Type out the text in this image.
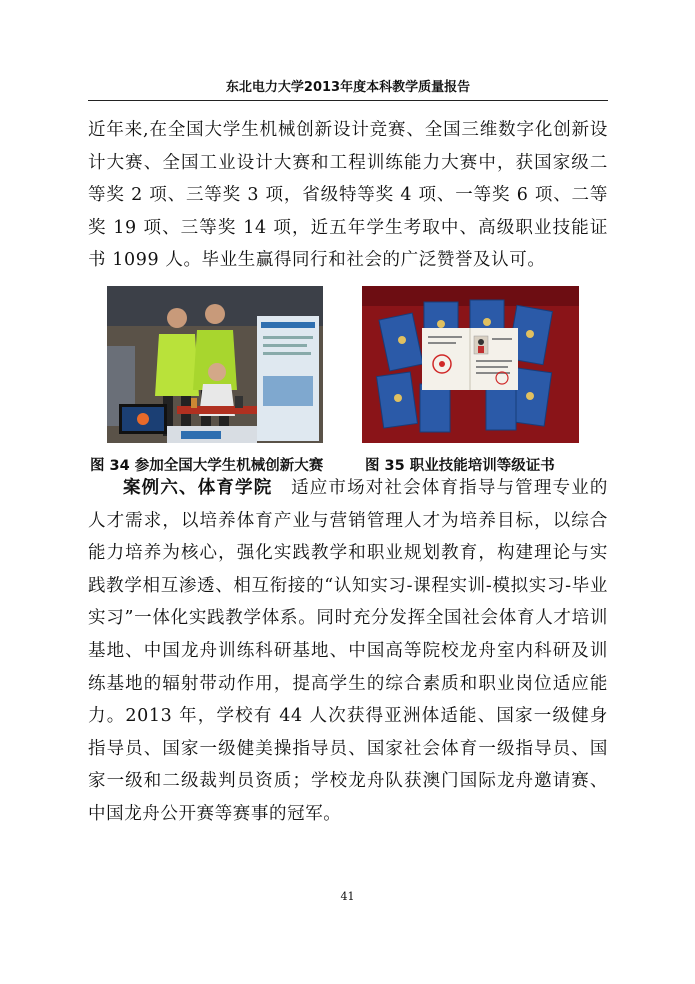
东北电力大学2013年度本科教学质量报告

近年来,在全国大学生机械创新设计竞赛、全国三维数字化创新设计大赛、全国工业设计大赛和工程训练能力大赛中，获国家级二等奖 2 项、三等奖 3 项，省级特等奖 4 项、一等奖 6 项、二等奖 19 项、三等奖 14 项，近五年学生考取中、高级职业技能证书 1099 人。毕业生赢得同行和社会的广泛赞誉及认可。

图 34 参加全国大学生机械创新大赛	图 35 职业技能培训等级证书

案例六、体育学院　适应市场对社会体育指导与管理专业的人才需求，以培养体育产业与营销管理人才为培养目标，以综合能力培养为核心，强化实践教学和职业规划教育，构建理论与实践教学相互渗透、相互衔接的“认知实习-课程实训-模拟实习-毕业实习”一体化实践教学体系。同时充分发挥全国社会体育人才培训基地、中国龙舟训练科研基地、中国高等院校龙舟室内科研及训练基地的辐射带动作用，提高学生的综合素质和职业岗位适应能力。2013 年，学校有 44 人次获得亚洲体适能、国家一级健身指导员、国家一级健美操指导员、国家社会体育一级指导员、国家一级和二级裁判员资质；学校龙舟队获澳门国际龙舟邀请赛、中国龙舟公开赛等赛事的冠军。

41
